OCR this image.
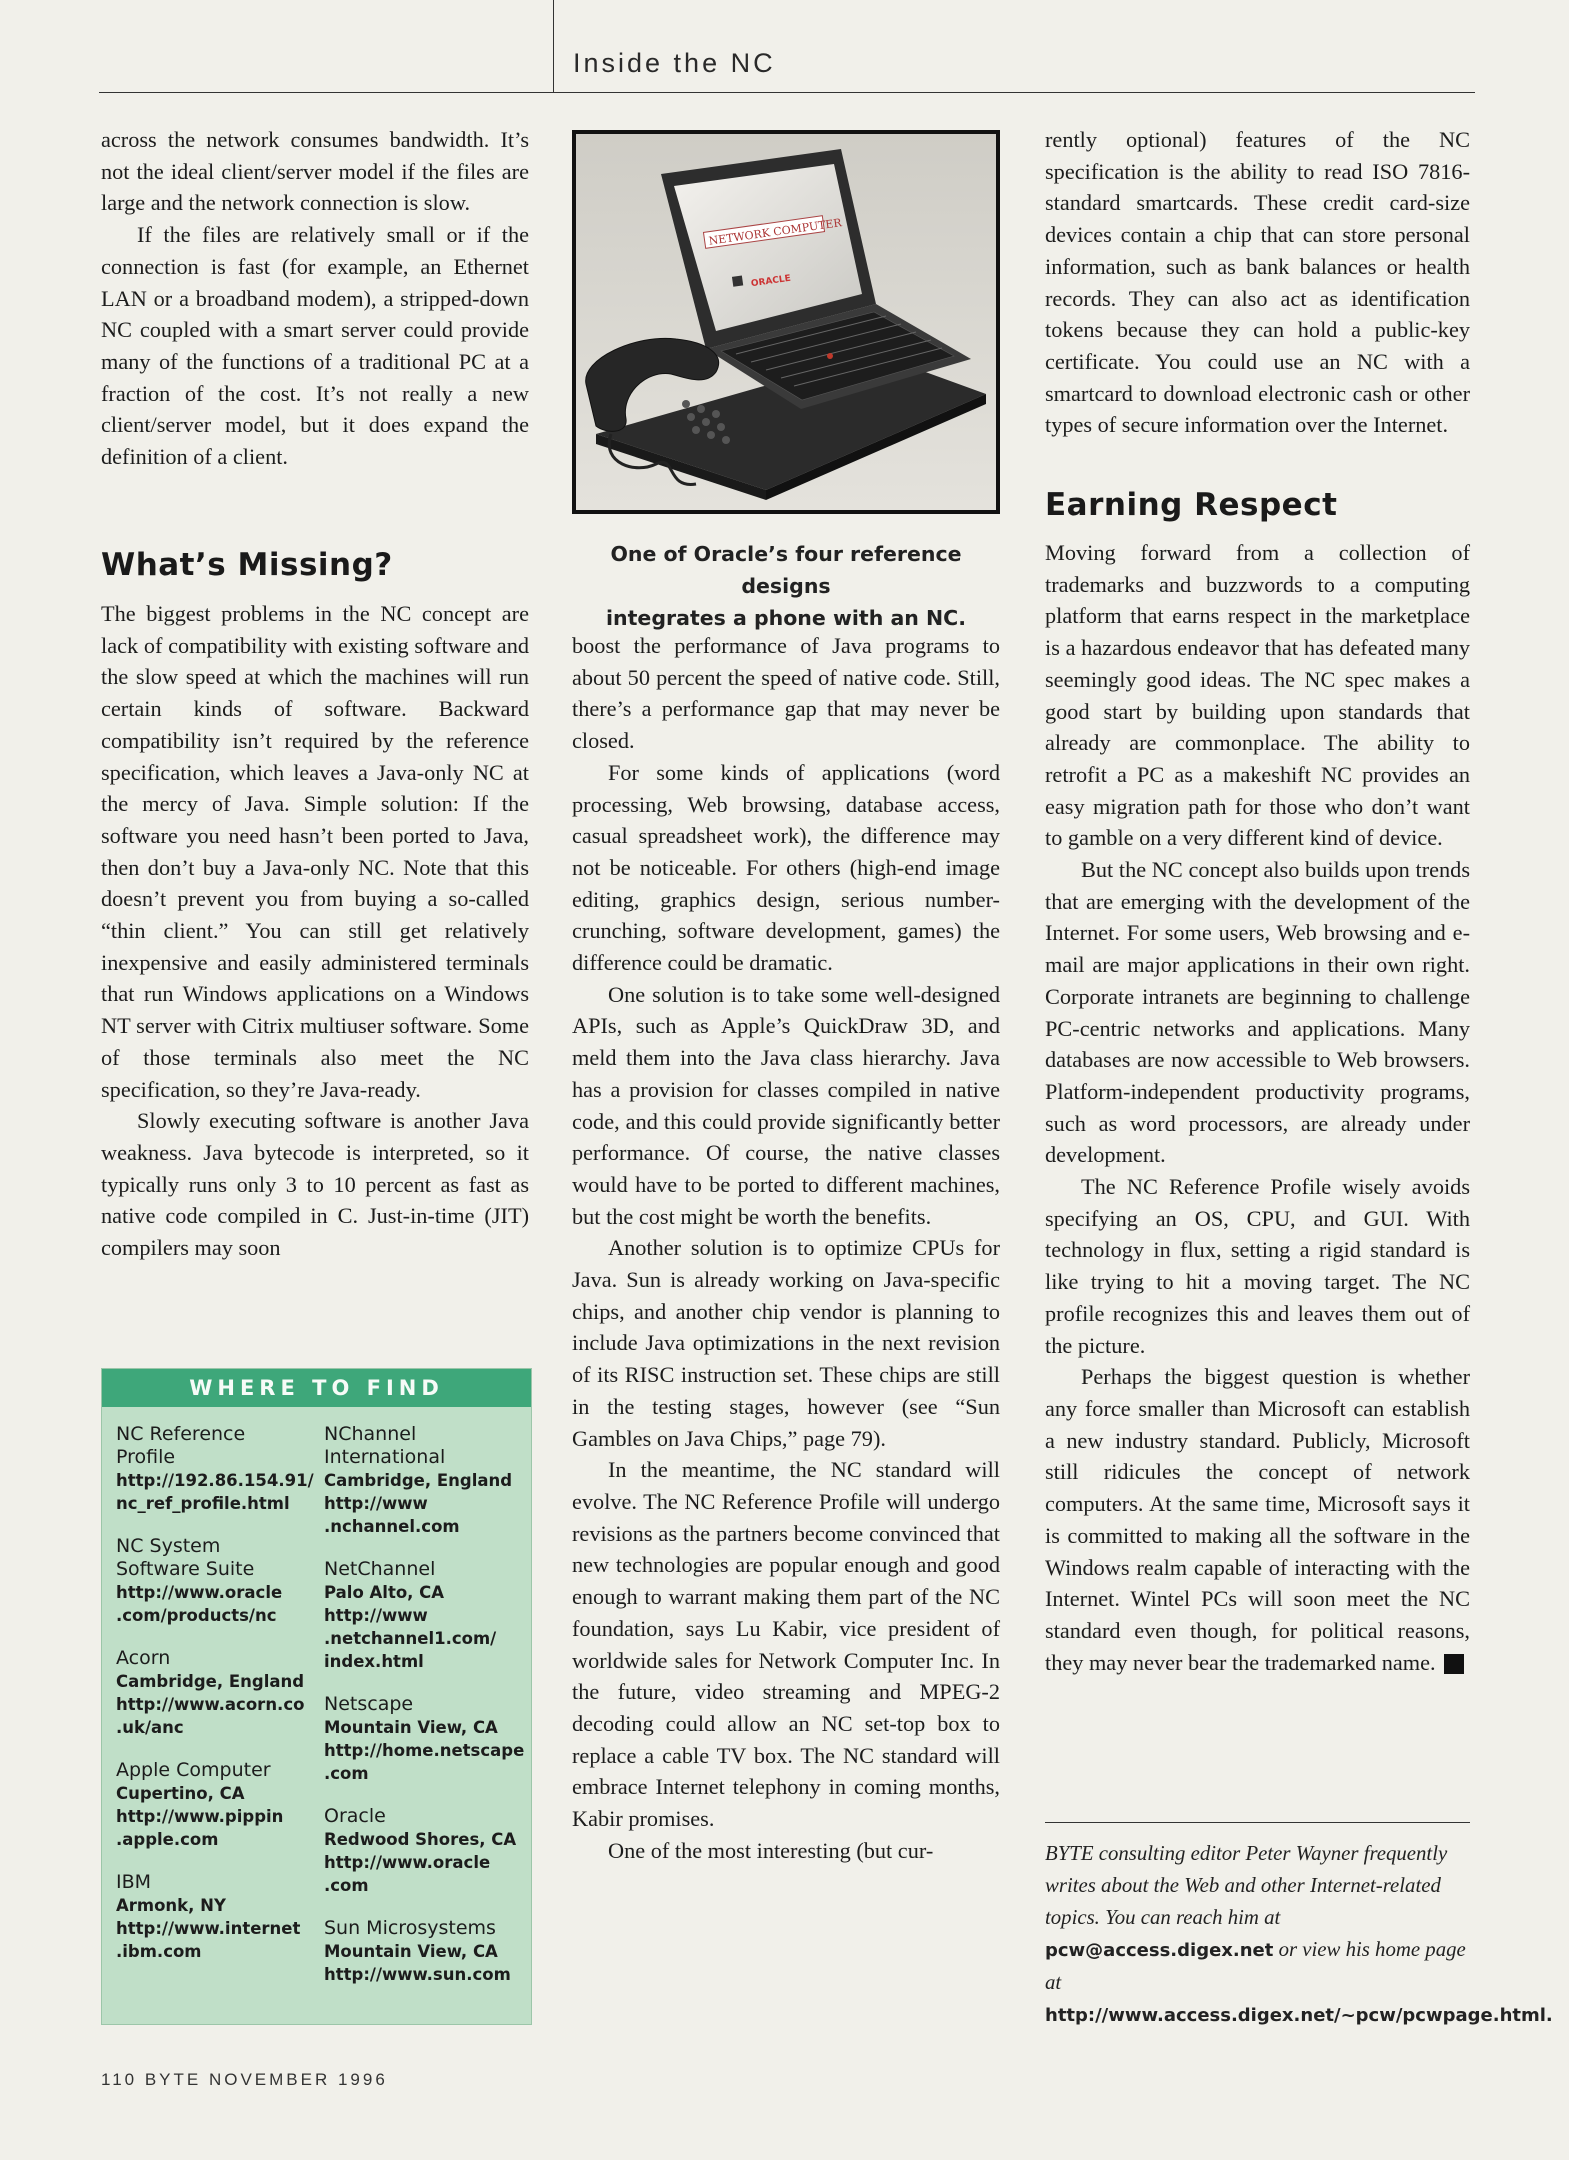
Inside the NC

across the network consumes bandwidth. It’s not the ideal client/server model if the files are large and the network connection is slow.

If the files are relatively small or if the connection is fast (for example, an Ethernet LAN or a broadband modem), a stripped-down NC coupled with a smart server could provide many of the functions of a traditional PC at a fraction of the cost. It’s not really a new client/server model, but it does expand the definition of a client.

What’s Missing?

The biggest problems in the NC concept are lack of compatibility with existing software and the slow speed at which the machines will run certain kinds of software. Backward compatibility isn’t required by the reference specification, which leaves a Java-only NC at the mercy of Java. Simple solution: If the software you need hasn’t been ported to Java, then don’t buy a Java-only NC. Note that this doesn’t prevent you from buying a so-called “thin client.” You can still get relatively inexpensive and easily administered terminals that run Windows applications on a Windows NT server with Citrix multiuser software. Some of those terminals also meet the NC specification, so they’re Java-ready.

Slowly executing software is another Java weakness. Java bytecode is interpreted, so it typically runs only 3 to 10 percent as fast as native code compiled in C. Just-in-time (JIT) compilers may soon

WHERE TO FIND
NC Reference
Profile
http://192.86.154.91/
nc_ref_profile.html
NC System
Software Suite
http://www.oracle
.com/products/nc
Acorn
Cambridge, England
http://www.acorn.co
.uk/anc
Apple Computer
Cupertino, CA
http://www.pippin
.apple.com
IBM
Armonk, NY
http://www.internet
.ibm.com
NChannel
International
Cambridge, England
http://www
.nchannel.com
NetChannel
Palo Alto, CA
http://www
.netchannel1.com/
index.html
Netscape
Mountain View, CA
http://home.netscape
.com
Oracle
Redwood Shores, CA
http://www.oracle
.com
Sun Microsystems
Mountain View, CA
http://www.sun.com
NETWORK COMPUTER
ORACLE
One of Oracle’s four reference designs
integrates a phone with an NC.

boost the performance of Java programs to about 50 percent the speed of native code. Still, there’s a performance gap that may never be closed.

For some kinds of applications (word processing, Web browsing, database access, casual spreadsheet work), the difference may not be noticeable. For others (high-end image editing, graphics design, serious number-crunching, software development, games) the difference could be dramatic.

One solution is to take some well-designed APIs, such as Apple’s QuickDraw 3D, and meld them into the Java class hierarchy. Java has a provision for classes compiled in native code, and this could provide significantly better performance. Of course, the native classes would have to be ported to different machines, but the cost might be worth the benefits.

Another solution is to optimize CPUs for Java. Sun is already working on Java-specific chips, and another chip vendor is planning to include Java optimizations in the next revision of its RISC instruction set. These chips are still in the testing stages, however (see “Sun Gambles on Java Chips,” page 79).

In the meantime, the NC standard will evolve. The NC Reference Profile will undergo revisions as the partners become convinced that new technologies are popular enough and good enough to warrant making them part of the NC foundation, says Lu Kabir, vice president of worldwide sales for Network Computer Inc. In the future, video streaming and MPEG-2 decoding could allow an NC set-top box to replace a cable TV box. The NC standard will embrace Internet telephony in coming months, Kabir promises.

One of the most interesting (but cur-

rently optional) features of the NC specification is the ability to read ISO 7816-standard smartcards. These credit card-size devices contain a chip that can store personal information, such as bank balances or health records. They can also act as identification tokens because they can hold a public-key certificate. You could use an NC with a smartcard to download electronic cash or other types of secure information over the Internet.

Earning Respect

Moving forward from a collection of trademarks and buzzwords to a computing platform that earns respect in the marketplace is a hazardous endeavor that has defeated many seemingly good ideas. The NC spec makes a good start by building upon standards that already are commonplace. The ability to retrofit a PC as a makeshift NC provides an easy migration path for those who don’t want to gamble on a very different kind of device.

But the NC concept also builds upon trends that are emerging with the development of the Internet. For some users, Web browsing and e-mail are major applications in their own right. Corporate intranets are beginning to challenge PC-centric networks and applications. Many databases are now accessible to Web browsers. Platform-independent productivity programs, such as word processors, are already under development.

The NC Reference Profile wisely avoids specifying an OS, CPU, and GUI. With technology in flux, setting a rigid standard is like trying to hit a moving target. The NC profile recognizes this and leaves them out of the picture.

Perhaps the biggest question is whether any force smaller than Microsoft can establish a new industry standard. Publicly, Microsoft still ridicules the concept of network computers. At the same time, Microsoft says it is committed to making all the software in the Windows realm capable of interacting with the Internet. Wintel PCs will soon meet the NC standard even though, for political reasons, they may never bear the trademarked name.	B

BYTE consulting editor Peter Wayner frequently writes about the Web and other Internet-related topics. You can reach him at pcw@access.digex.net or view his home page at http://www.access.digex.net/~pcw/pcwpage.html.
110 BYTE NOVEMBER 1996
